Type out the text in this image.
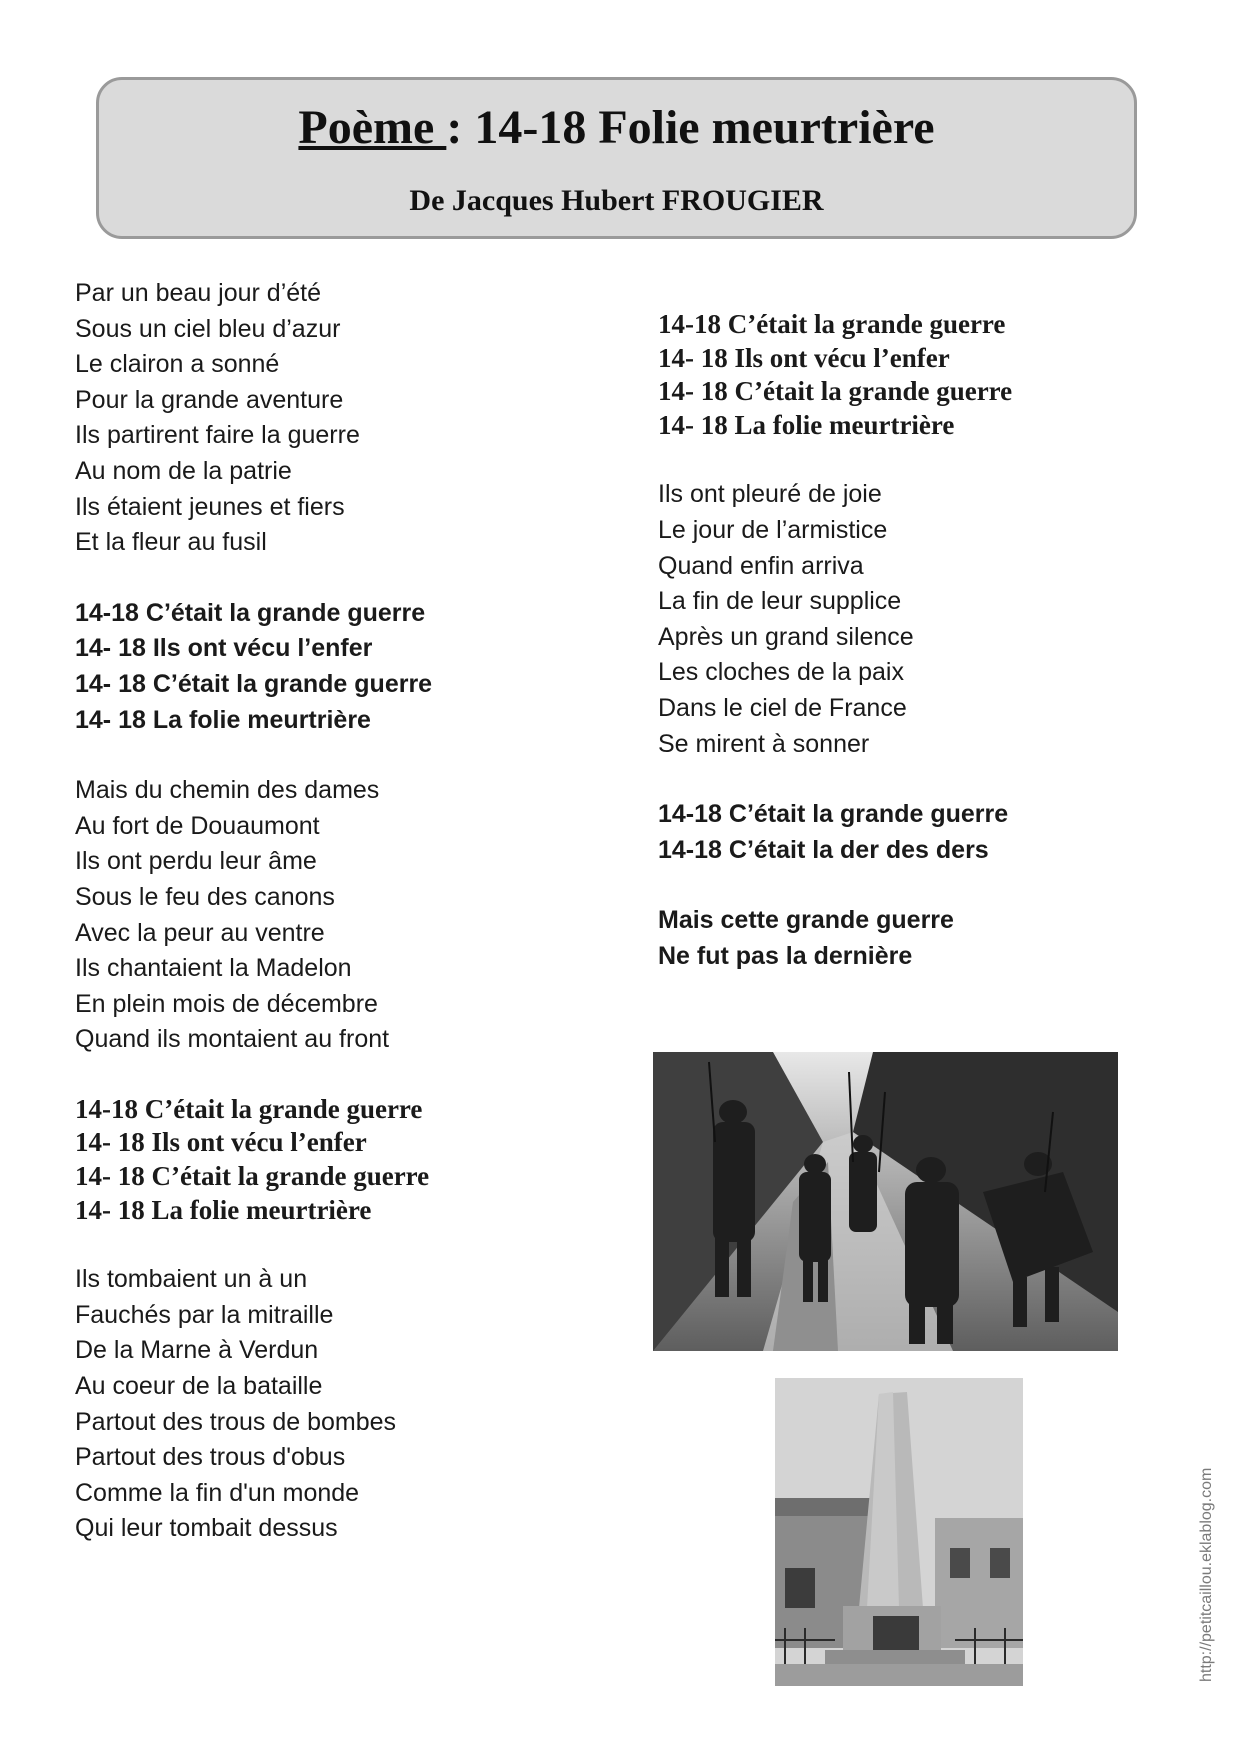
Poème : 14-18 Folie meurtrière
De Jacques Hubert FROUGIER
Par un beau jour d’été
Sous un ciel bleu d’azur
Le clairon a sonné
Pour la grande aventure
Ils partirent faire la guerre
Au nom de la patrie
Ils étaient jeunes et fiers
Et la fleur au fusil
14-18 C’était la grande guerre
14- 18 Ils ont vécu l’enfer
14- 18 C’était la grande guerre
14- 18 La folie meurtrière
Mais du chemin des dames
Au fort de Douaumont
Ils ont perdu leur âme
Sous le feu des canons
Avec la peur au ventre
Ils chantaient la Madelon
En plein mois de décembre
Quand ils montaient au front
14-18 C’était la grande guerre
14- 18 Ils ont vécu l’enfer
14- 18 C’était la grande guerre
14- 18 La folie meurtrière
Ils tombaient un à un
Fauchés par la mitraille
De la Marne à Verdun
Au coeur de la bataille
Partout des trous de bombes
Partout des trous d'obus
Comme la fin d'un monde
Qui leur tombait dessus
14-18 C’était la grande guerre
14- 18 Ils ont vécu l’enfer
14- 18 C’était la grande guerre
14- 18 La folie meurtrière
Ils ont pleuré de joie
Le jour de l’armistice
Quand enfin arriva
La fin de leur supplice
Après un grand silence
Les cloches de la paix
Dans le ciel de France
Se mirent à sonner
14-18 C’était la grande guerre
14-18 C’était la der des ders
Mais cette grande guerre
Ne fut pas la dernière
http://petitcaillou.eklablog.com
